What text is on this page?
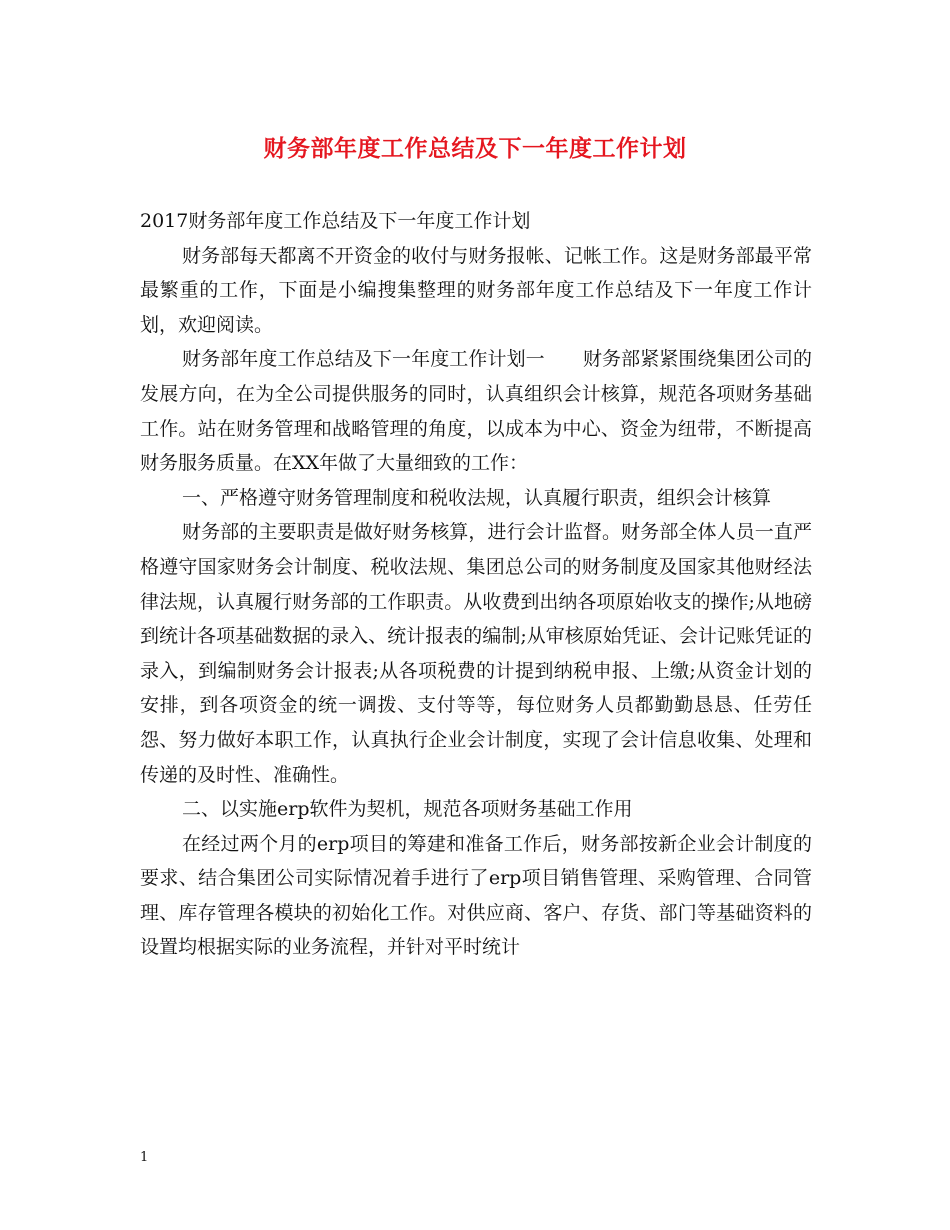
财务部年度工作总结及下一年度工作计划

2017财务部年度工作总结及下一年度工作计划

财务部每天都离不开资金的收付与财务报帐、记帐工作。这是财务部最平常最繁重的工作，下面是小编搜集整理的财务部年度工作总结及下一年度工作计划，欢迎阅读。

财务部年度工作总结及下一年度工作计划一　　财务部紧紧围绕集团公司的发展方向，在为全公司提供服务的同时，认真组织会计核算，规范各项财务基础工作。站在财务管理和战略管理的角度，以成本为中心、资金为纽带，不断提高财务服务质量。在XX年做了大量细致的工作：

一、严格遵守财务管理制度和税收法规，认真履行职责，组织会计核算

财务部的主要职责是做好财务核算，进行会计监督。财务部全体人员一直严格遵守国家财务会计制度、税收法规、集团总公司的财务制度及国家其他财经法律法规，认真履行财务部的工作职责。从收费到出纳各项原始收支的操作;从地磅到统计各项基础数据的录入、统计报表的编制;从审核原始凭证、会计记账凭证的录入，到编制财务会计报表;从各项税费的计提到纳税申报、上缴;从资金计划的安排，到各项资金的统一调拨、支付等等，每位财务人员都勤勤恳恳、任劳任怨、努力做好本职工作，认真执行企业会计制度，实现了会计信息收集、处理和传递的及时性、准确性。

二、以实施erp软件为契机，规范各项财务基础工作用

在经过两个月的erp项目的筹建和准备工作后，财务部按新企业会计制度的要求、结合集团公司实际情况着手进行了erp项目销售管理、采购管理、合同管理、库存管理各模块的初始化工作。对供应商、客户、存货、部门等基础资料的设置均根据实际的业务流程，并针对平时统计

1
